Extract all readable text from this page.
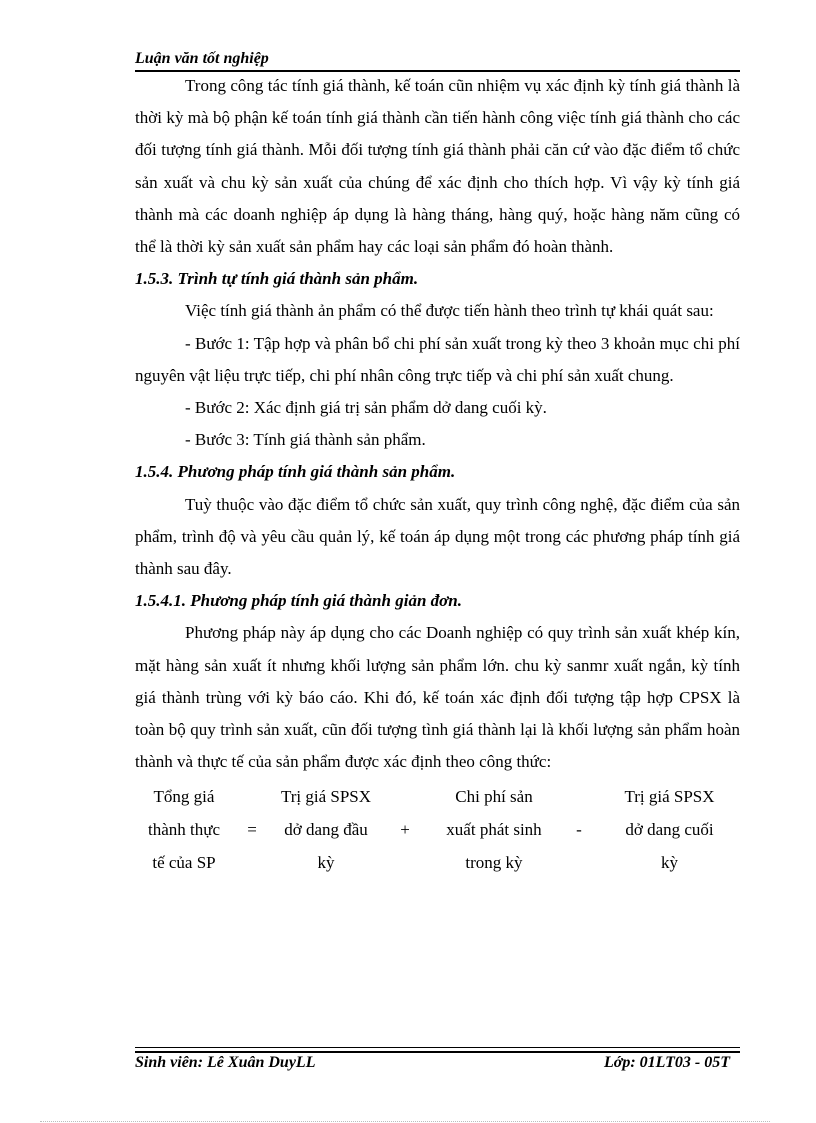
Luận văn tốt nghiệp

Trong công tác tính giá thành, kế toán cũn nhiệm vụ xác định kỳ tính giá thành là thời kỳ mà bộ phận kế toán tính giá thành cần tiến hành công việc tính giá thành cho các đối tượng tính giá thành. Mỗi đối tượng tính giá thành phải căn cứ vào đặc điểm tổ chức sản xuất và chu kỳ sản xuất của chúng để xác định cho thích hợp. Vì vậy kỳ tính giá thành mà các doanh nghiệp áp dụng là hàng tháng, hàng quý, hoặc hàng năm cũng có thể là thời kỳ sản xuất sản phẩm hay các loại sản phẩm đó hoàn thành.

1.5.3. Trình tự tính giá thành sản phẩm.

Việc tính giá thành ản phẩm có thể được tiến hành theo trình tự khái quát sau:

- Bước 1: Tập hợp và phân bổ chi phí sản xuất trong kỳ theo 3 khoản mục chi phí nguyên vật liệu trực tiếp, chi phí nhân công trực tiếp và chi phí sản xuất chung.

- Bước 2: Xác định giá trị sản phẩm dở dang cuối kỳ.

- Bước 3: Tính giá thành sản phẩm.

1.5.4. Phương pháp tính giá thành sản phẩm.

Tuỳ thuộc vào đặc điểm tổ chức sản xuất, quy trình công nghệ, đặc điểm của sản phẩm, trình độ và yêu cầu quản lý, kế toán áp dụng một trong các phương pháp tính giá thành sau đây.

1.5.4.1. Phương pháp tính giá thành giản đơn.

Phương pháp này áp dụng cho các Doanh nghiệp có quy trình sản xuất khép kín, mặt hàng sản xuất ít nhưng khối lượng sản phẩm lớn. chu kỳ sanmr xuất ngắn, kỳ tính giá thành trùng với kỳ báo cáo. Khi đó, kế toán xác định đối tượng tập hợp CPSX là toàn bộ quy trình sản xuất, cũn đối tượng tình giá thành lại là khối lượng sản phẩm hoàn thành và thực tế của sản phẩm được xác định theo công thức:

Tổng giá
thành thực
tế của SP

=
Trị giá SPSX
dở dang đầu
kỳ

+
Chi phí sản
xuất phát sinh
trong kỳ

-
Trị giá SPSX
dở dang cuối
kỳ
Sinh viên: Lê Xuân DuyLL	Lớp: 01LT03 - 05T
